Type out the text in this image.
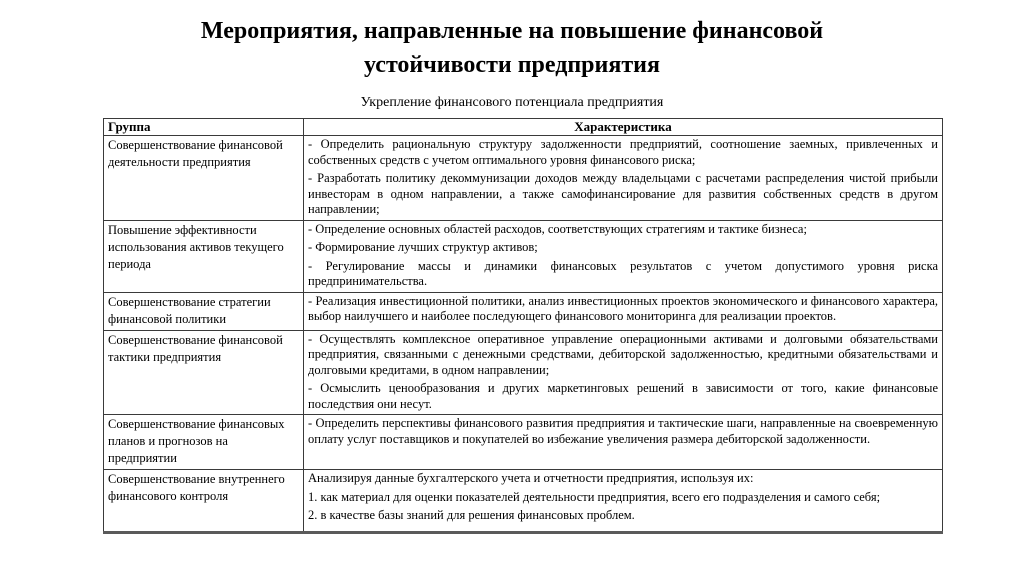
Мероприятия, направленные на повышение финансовой устойчивости предприятия
Укрепление финансового потенциала предприятия
Группа	Характеристика
Совершенствование финансовой деятельности предприятия	- Определить рациональную структуру задолженности предприятий, соотношение заемных, привлеченных и собственных средств с учетом оптимального уровня финансового риска;

- Разработать политику декоммунизации доходов между владельцами с расчетами распределения чистой прибыли инвесторам в одном направлении, а также самофинансирование для развития собственных средств в другом направлении;

Повышение эффективности использования активов текущего периода	- Определение основных областей расходов, соответствующих стратегиям и тактике бизнеса;

- Формирование лучших структур активов;

- Регулирование массы и динамики финансовых результатов с учетом допустимого уровня риска предпринимательства.

Совершенствование стратегии финансовой политики	- Реализация инвестиционной политики, анализ инвестиционных проектов экономического и финансового характера, выбор наилучшего и наиболее последующего финансового мониторинга для реализации проектов.

Совершенствование финансовой тактики предприятия	- Осуществлять комплексное оперативное управление операционными активами и долговыми обязательствами предприятия, связанными с денежными средствами, дебиторской задолженностью, кредитными обязательствами и долговыми кредитами, в одном направлении;

- Осмыслить ценообразования и других маркетинговых решений в зависимости от того, какие финансовые последствия они несут.

Совершенствование финансовых планов и прогнозов на предприятии	- Определить перспективы финансового развития предприятия и тактические шаги, направленные на своевременную оплату услуг поставщиков и покупателей во избежание увеличения размера дебиторской задолженности.

Совершенствование внутреннего финансового контроля	Анализируя данные бухгалтерского учета и отчетности предприятия, используя их:

1. как материал для оценки показателей деятельности предприятия, всего его подразделения и самого себя;

2. в качестве базы знаний для решения финансовых проблем.
